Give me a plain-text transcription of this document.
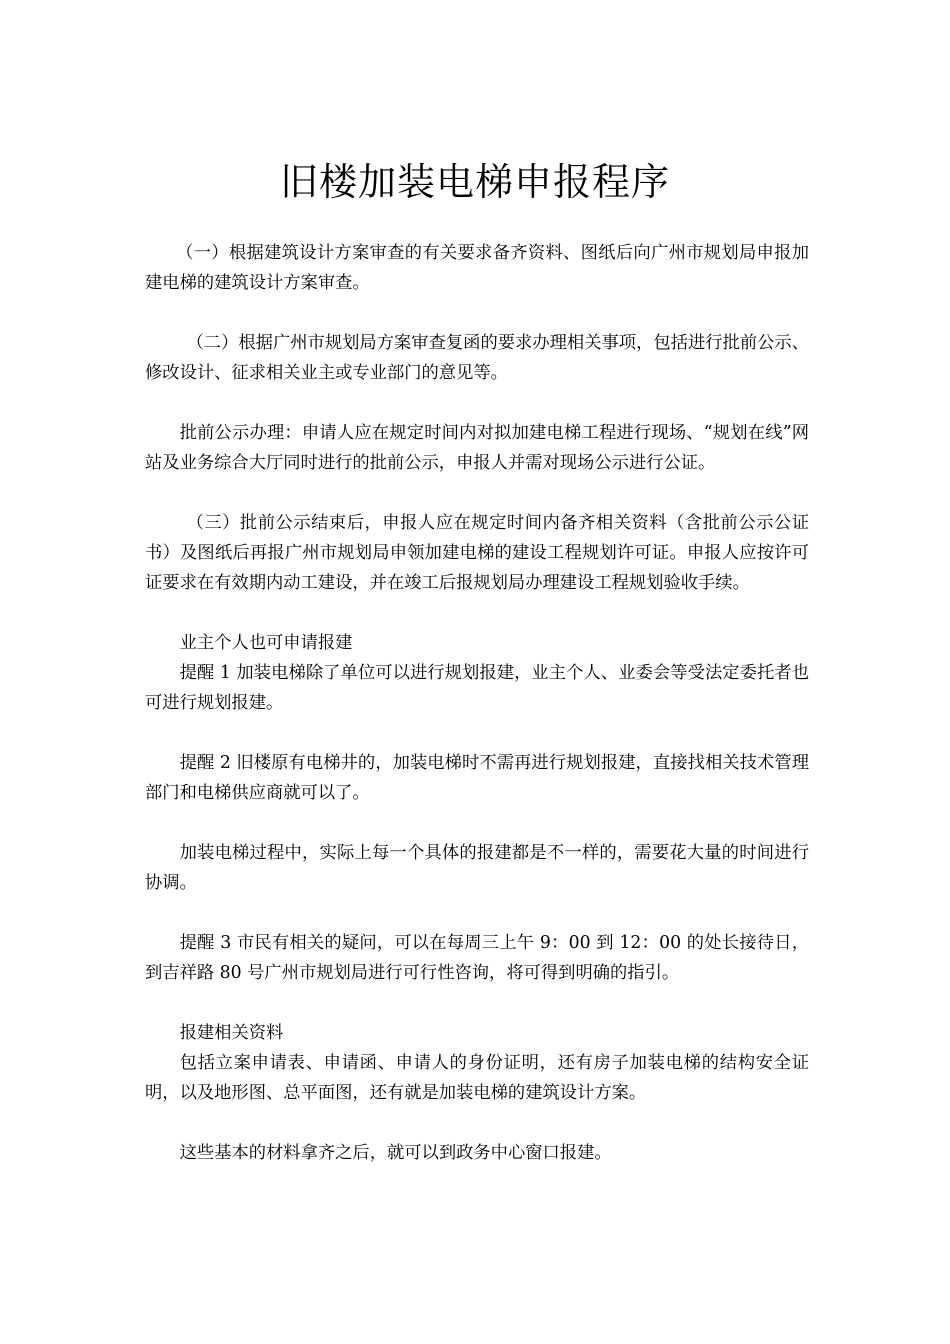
旧楼加装电梯申报程序

（一）根据建筑设计方案审查的有关要求备齐资料、图纸后向广州市规划局申报加建电梯的建筑设计方案审查。

（二）根据广州市规划局方案审查复函的要求办理相关事项，包括进行批前公示、修改设计、征求相关业主或专业部门的意见等。

批前公示办理：申请人应在规定时间内对拟加建电梯工程进行现场、“规划在线”网站及业务综合大厅同时进行的批前公示，申报人并需对现场公示进行公证。

（三）批前公示结束后，申报人应在规定时间内备齐相关资料（含批前公示公证书）及图纸后再报广州市规划局申领加建电梯的建设工程规划许可证。申报人应按许可证要求在有效期内动工建设，并在竣工后报规划局办理建设工程规划验收手续。

业主个人也可申请报建

提醒 1 加装电梯除了单位可以进行规划报建，业主个人、业委会等受法定委托者也可进行规划报建。

提醒 2 旧楼原有电梯井的，加装电梯时不需再进行规划报建，直接找相关技术管理部门和电梯供应商就可以了。

加装电梯过程中，实际上每一个具体的报建都是不一样的，需要花大量的时间进行协调。

提醒 3 市民有相关的疑问，可以在每周三上午 9：00 到 12：00 的处长接待日，到吉祥路 80 号广州市规划局进行可行性咨询，将可得到明确的指引。

报建相关资料

包括立案申请表、申请函、申请人的身份证明，还有房子加装电梯的结构安全证明，以及地形图、总平面图，还有就是加装电梯的建筑设计方案。

这些基本的材料拿齐之后，就可以到政务中心窗口报建。
